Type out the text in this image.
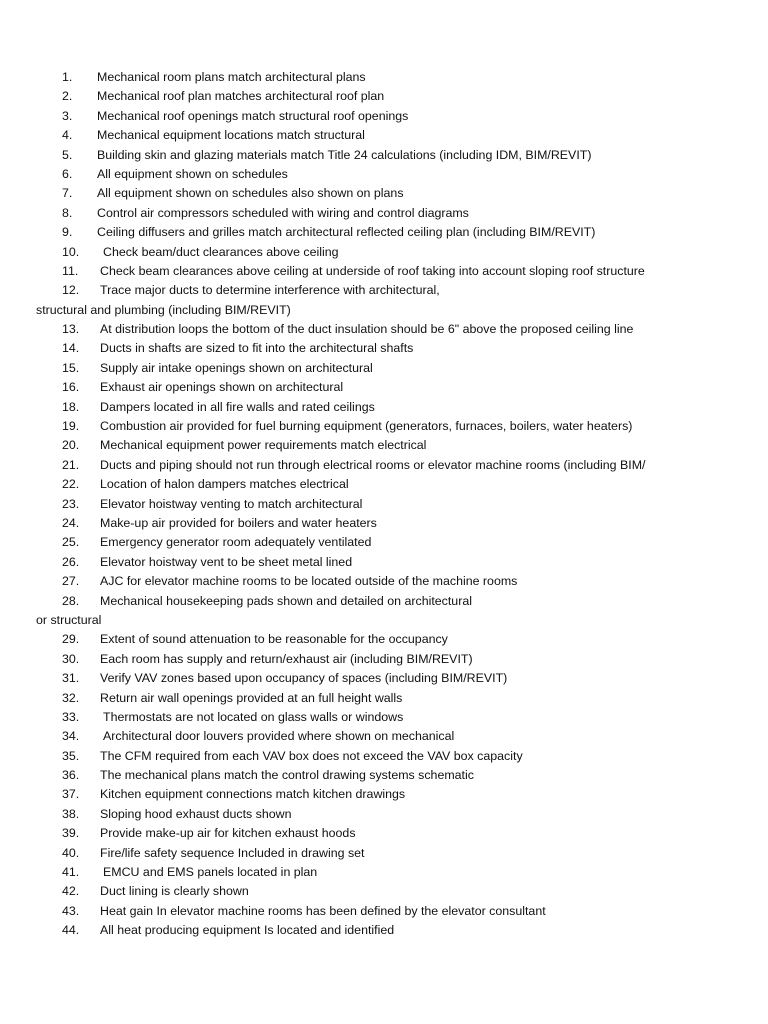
1. Mechanical room plans match architectural plans
2. Mechanical roof plan matches architectural roof plan
3. Mechanical roof openings match structural roof openings
4. Mechanical equipment locations match structural
5. Building skin and glazing materials match Title 24 calculations (including IDM, BIM/REVIT)
6. All equipment shown on schedules
7. All equipment shown on schedules also shown on plans
8. Control air compressors scheduled with wiring and control diagrams
9. Ceiling diffusers and grilles match architectural reflected ceiling plan (including BIM/REVIT)
10. Check beam/duct clearances above ceiling
11. Check beam clearances above ceiling at underside of roof taking into account sloping roof structure
12. Trace major ducts to determine interference with architectural,
structural and plumbing (including BIM/REVIT)
13. At distribution loops the bottom of the duct insulation should be 6" above the proposed ceiling line
14. Ducts in shafts are sized to fit into the architectural shafts
15. Supply air intake openings shown on architectural
16. Exhaust air openings shown on architectural
18. Dampers located in all fire walls and rated ceilings
19. Combustion air provided for fuel burning equipment (generators, furnaces, boilers, water heaters)
20. Mechanical equipment power requirements match electrical
21. Ducts and piping should not run through electrical rooms or elevator machine rooms (including BIM/
22. Location of halon dampers matches electrical
23. Elevator hoistway venting to match architectural
24. Make-up air provided for boilers and water heaters
25. Emergency generator room adequately ventilated
26. Elevator hoistway vent to be sheet metal lined
27. AJC for elevator machine rooms to be located outside of the machine rooms
28. Mechanical housekeeping pads shown and detailed on architectural
or structural
29. Extent of sound attenuation to be reasonable for the occupancy
30. Each room has supply and return/exhaust air (including BIM/REVIT)
31. Verify VAV zones based upon occupancy of spaces (including BIM/REVIT)
32. Return air wall openings provided at an full height walls
33. Thermostats are not located on glass walls or windows
34. Architectural door louvers provided where shown on mechanical
35. The CFM required from each VAV box does not exceed the VAV box capacity
36. The mechanical plans match the control drawing systems schematic
37. Kitchen equipment connections match kitchen drawings
38. Sloping hood exhaust ducts shown
39. Provide make-up air for kitchen exhaust hoods
40. Fire/life safety sequence Included in drawing set
41. EMCU and EMS panels located in plan
42. Duct lining is clearly shown
43. Heat gain In elevator machine rooms has been defined by the elevator consultant
44. All heat producing equipment Is located and identified
